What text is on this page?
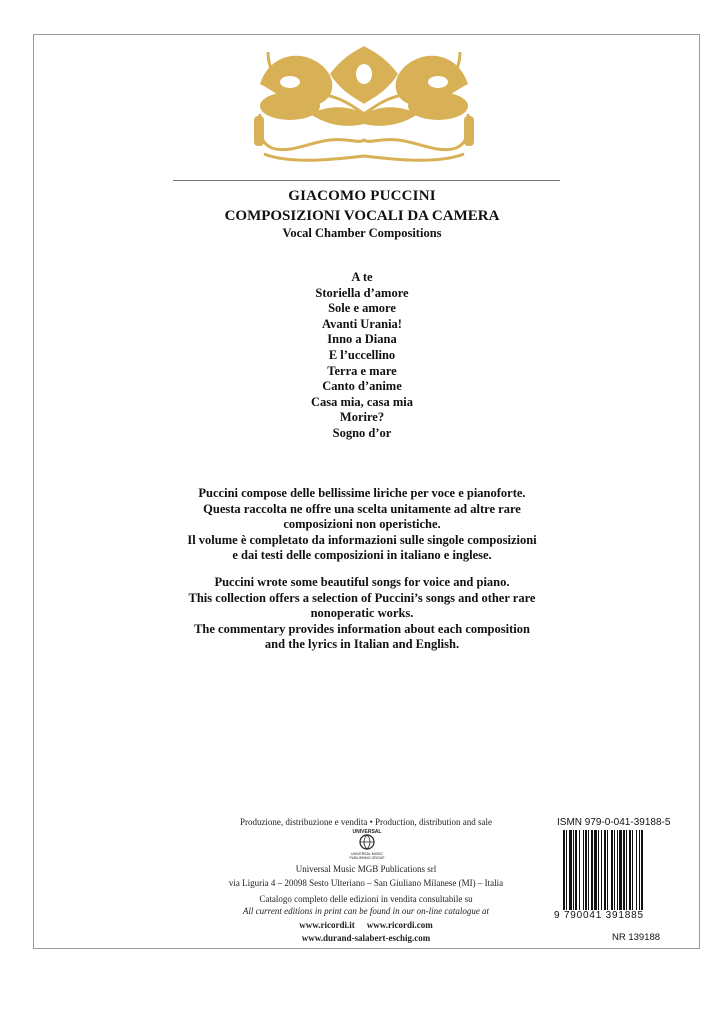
GIACOMO PUCCINI
COMPOSIZIONI VOCALI DA CAMERA
Vocal Chamber Compositions
A te
Storiella d’amore
Sole e amore
Avanti Urania!
Inno a Diana
E l’uccellino
Terra e mare
Canto d’anime
Casa mia, casa mia
Morire?
Sogno d’or
Puccini compose delle bellissime liriche per voce e pianoforte.
Questa raccolta ne offre una scelta unitamente ad altre rare
composizioni non operistiche.
Il volume è completato da informazioni sulle singole composizioni
e dai testi delle composizioni in italiano e inglese.
Puccini wrote some beautiful songs for voice and piano.
This collection offers a selection of Puccini’s songs and other rare
nonoperatic works.
The commentary provides information about each composition
and the lyrics in Italian and English.
Produzione, distribuzione e vendita • Production, distribution and sale
UNIVERSAL
UNIVERSAL MUSIC
PUBLISHING GROUP
Universal Music MGB Publications srl
via Liguria 4 – 20098 Sesto Ulteriano – San Giuliano Milanese (MI) – Italia
Catalogo completo delle edizioni in vendita consultabile su
All current editions in print can be found in our on-line catalogue at
www.ricordi.it www.ricordi.com
www.durand-salabert-eschig.com
ISMN 979-0-041-39188-5
9 790041 391885
NR 139188
